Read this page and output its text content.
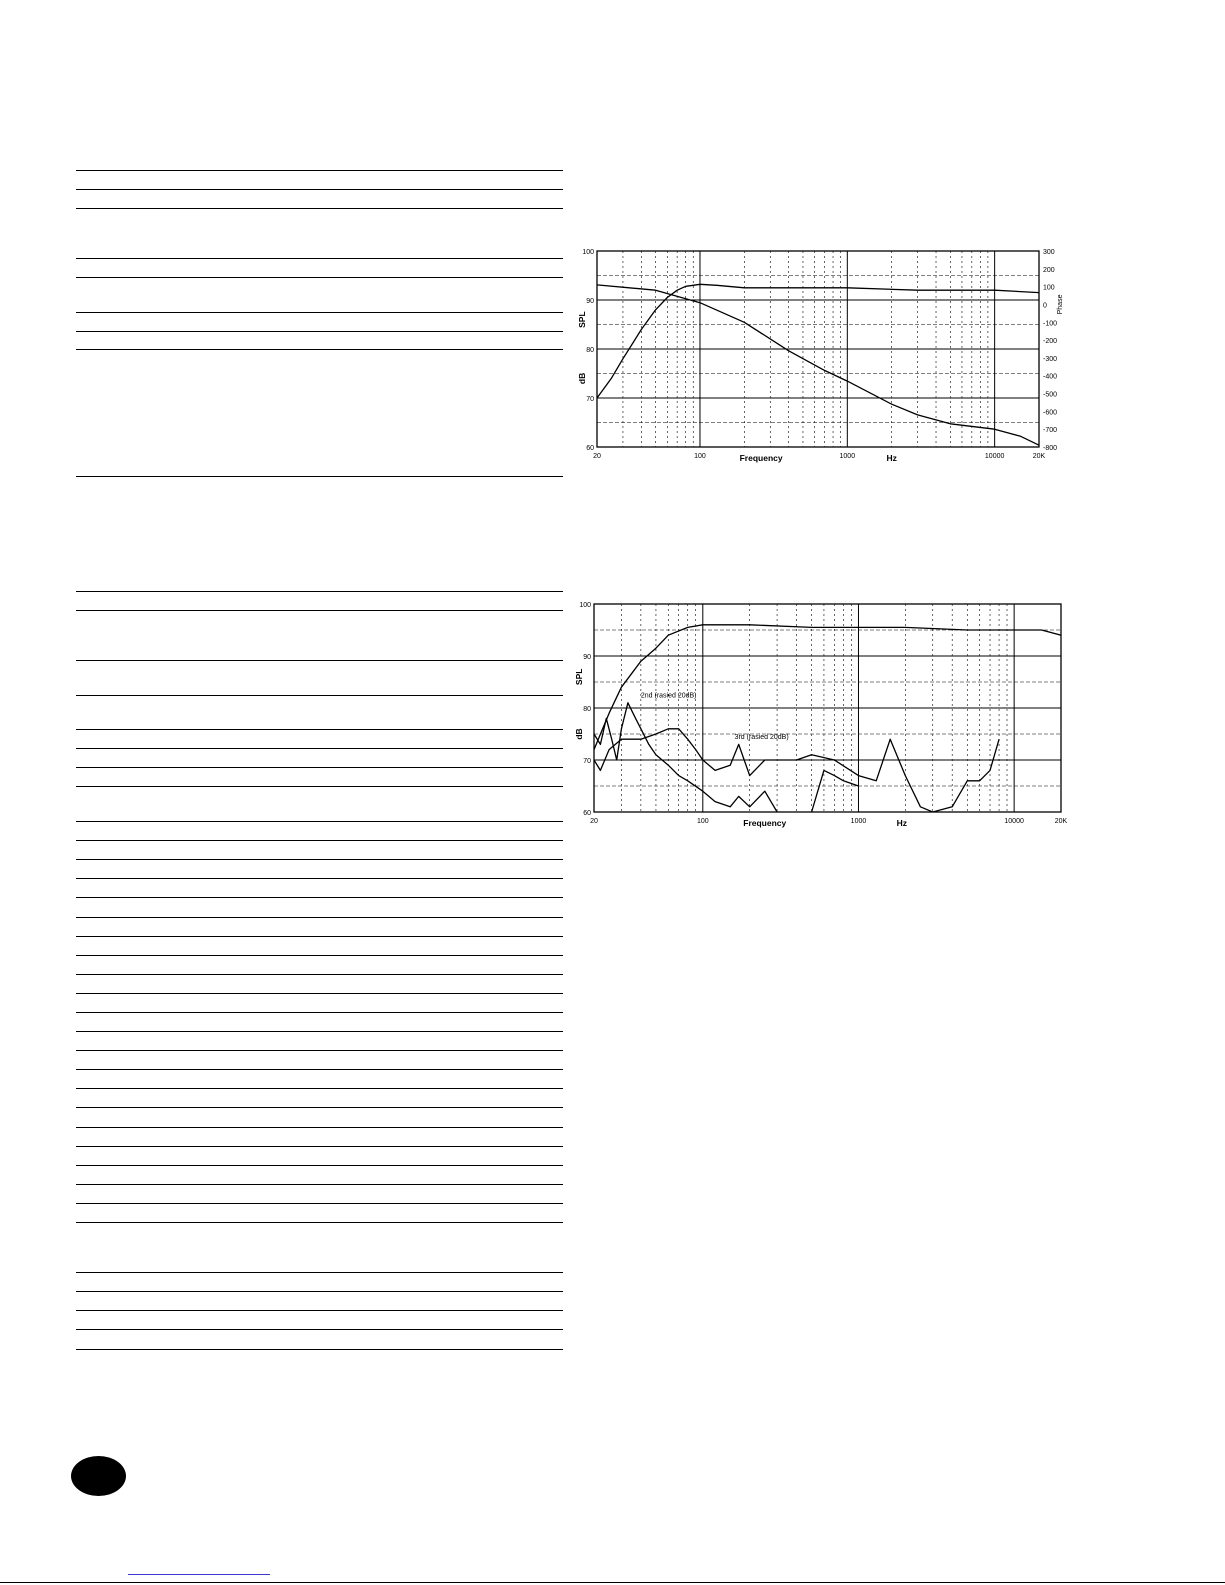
20	100	1000	10000	20K
60
70
80
90
100	300
200
100
0
-100
-200
-300
-400
-500
-600
-700
-800
Frequency	Hz
SPL
dB
Phase
20	100	1000	10000	20K
60
70
80
90
100
Frequency	Hz
SPL
dB
2nd (rasied 20dB)
3rd (rasied 20dB)
